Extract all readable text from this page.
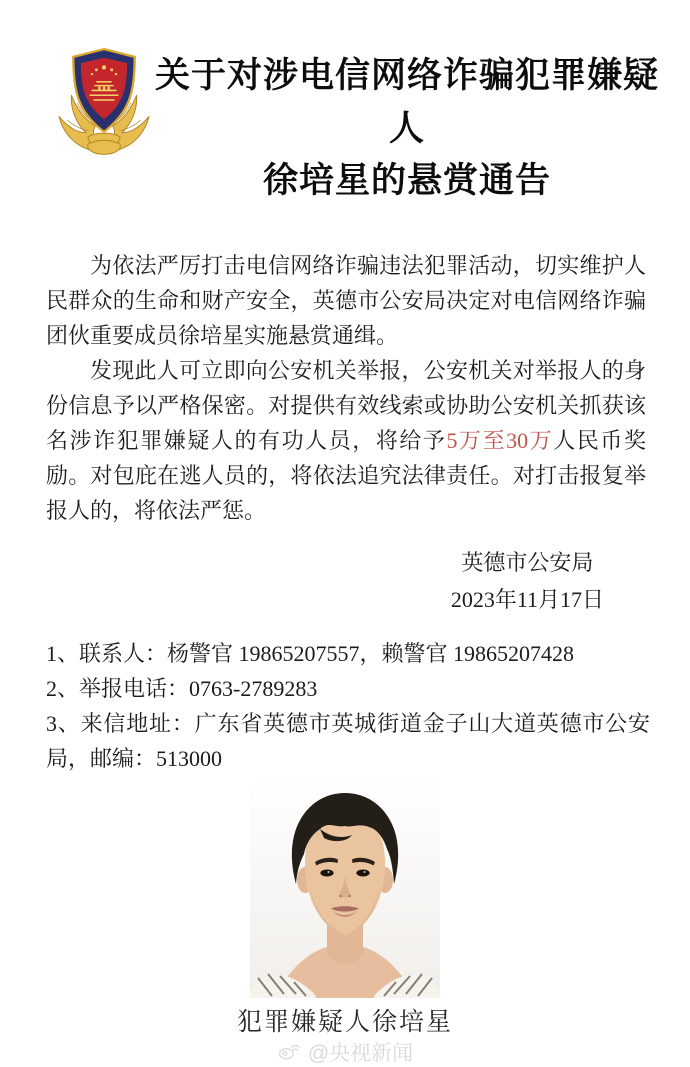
关于对涉电信网络诈骗犯罪嫌疑人
徐培星的悬赏通告

为依法严厉打击电信网络诈骗违法犯罪活动，切实维护人民群众的生命和财产安全，英德市公安局决定对电信网络诈骗团伙重要成员徐培星实施悬赏通缉。

发现此人可立即向公安机关举报，公安机关对举报人的身份信息予以严格保密。对提供有效线索或协助公安机关抓获该名涉诈犯罪嫌疑人的有功人员，将给予5万至30万人民币奖励。对包庇在逃人员的，将依法追究法律责任。对打击报复举报人的，将依法严惩。

英德市公安局
2023年11月17日
1、联系人：杨警官 19865207557，赖警官 19865207428
2、举报电话：0763-2789283
3、来信地址：广东省英德市英城街道金子山大道英德市公安局，邮编：513000
犯罪嫌疑人徐培星
@央视新闻
